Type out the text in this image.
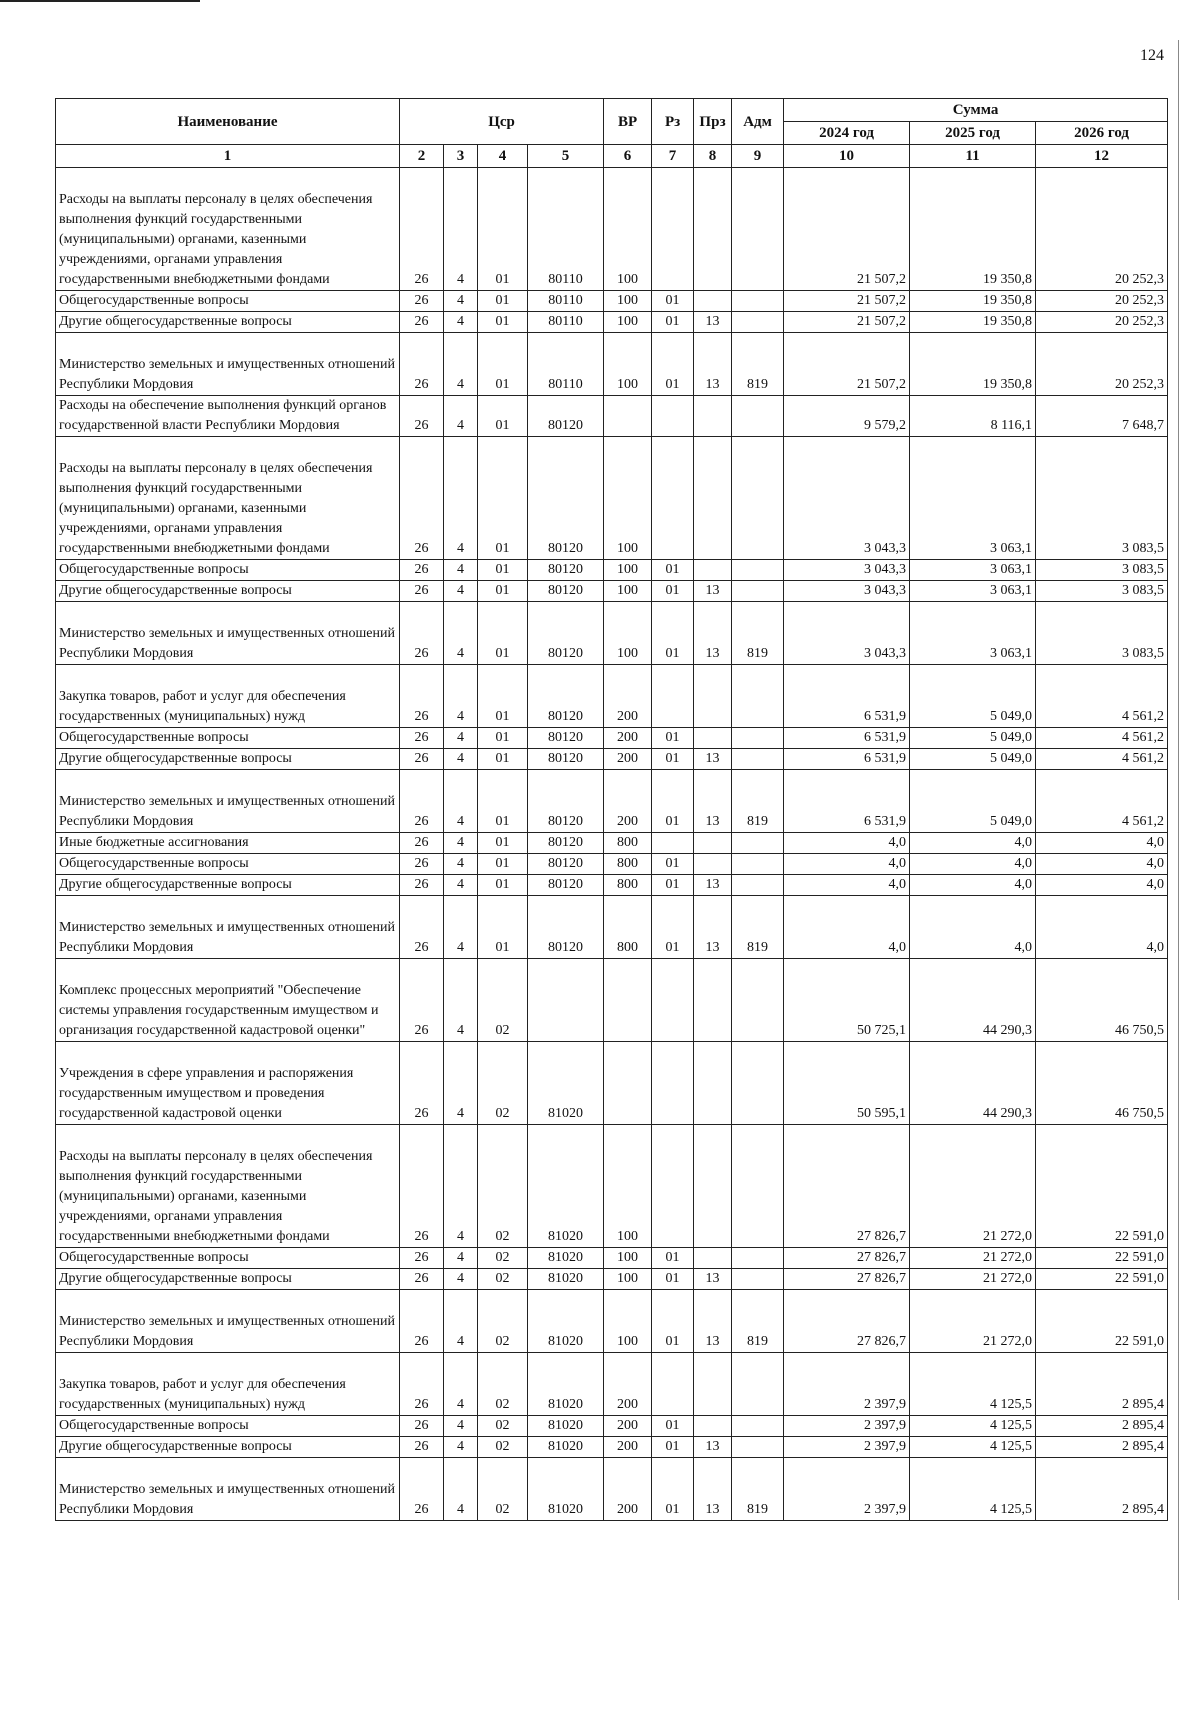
124
Наименование	Цср				ВР	Рз	Прз	Адм	Сумма		
									2024 год	2025 год	2026 год
1	2	3	4	5	6	7	8	9	10	11	12
Расходы на выплаты персоналу в целях обеспечения выполнения функций государственными (муниципальными) органами, казенными учреждениями, органами управления государственными внебюджетными фондами	26	4	01	80110	100				21 507,2	19 350,8	20 252,3
Общегосударственные вопросы	26	4	01	80110	100	01			21 507,2	19 350,8	20 252,3
Другие общегосударственные вопросы	26	4	01	80110	100	01	13		21 507,2	19 350,8	20 252,3
Министерство земельных и имущественных отношений Республики Мордовия	26	4	01	80110	100	01	13	819	21 507,2	19 350,8	20 252,3
Расходы на обеспечение выполнения функций органов государственной власти Республики Мордовия	26	4	01	80120					9 579,2	8 116,1	7 648,7
Расходы на выплаты персоналу в целях обеспечения выполнения функций государственными (муниципальными) органами, казенными учреждениями, органами управления государственными внебюджетными фондами	26	4	01	80120	100				3 043,3	3 063,1	3 083,5
Общегосударственные вопросы	26	4	01	80120	100	01			3 043,3	3 063,1	3 083,5
Другие общегосударственные вопросы	26	4	01	80120	100	01	13		3 043,3	3 063,1	3 083,5
Министерство земельных и имущественных отношений Республики Мордовия	26	4	01	80120	100	01	13	819	3 043,3	3 063,1	3 083,5
Закупка товаров, работ и услуг для обеспечения государственных (муниципальных) нужд	26	4	01	80120	200				6 531,9	5 049,0	4 561,2
Общегосударственные вопросы	26	4	01	80120	200	01			6 531,9	5 049,0	4 561,2
Другие общегосударственные вопросы	26	4	01	80120	200	01	13		6 531,9	5 049,0	4 561,2
Министерство земельных и имущественных отношений Республики Мордовия	26	4	01	80120	200	01	13	819	6 531,9	5 049,0	4 561,2
Иные бюджетные ассигнования	26	4	01	80120	800				4,0	4,0	4,0
Общегосударственные вопросы	26	4	01	80120	800	01			4,0	4,0	4,0
Другие общегосударственные вопросы	26	4	01	80120	800	01	13		4,0	4,0	4,0
Министерство земельных и имущественных отношений Республики Мордовия	26	4	01	80120	800	01	13	819	4,0	4,0	4,0
Комплекс процессных мероприятий "Обеспечение системы управления государственным имуществом и организация государственной кадастровой оценки"	26	4	02						50 725,1	44 290,3	46 750,5
Учреждения в сфере управления и распоряжения государственным имуществом и проведения государственной кадастровой оценки	26	4	02	81020					50 595,1	44 290,3	46 750,5
Расходы на выплаты персоналу в целях обеспечения выполнения функций государственными (муниципальными) органами, казенными учреждениями, органами управления государственными внебюджетными фондами	26	4	02	81020	100				27 826,7	21 272,0	22 591,0
Общегосударственные вопросы	26	4	02	81020	100	01			27 826,7	21 272,0	22 591,0
Другие общегосударственные вопросы	26	4	02	81020	100	01	13		27 826,7	21 272,0	22 591,0
Министерство земельных и имущественных отношений Республики Мордовия	26	4	02	81020	100	01	13	819	27 826,7	21 272,0	22 591,0
Закупка товаров, работ и услуг для обеспечения государственных (муниципальных) нужд	26	4	02	81020	200				2 397,9	4 125,5	2 895,4
Общегосударственные вопросы	26	4	02	81020	200	01			2 397,9	4 125,5	2 895,4
Другие общегосударственные вопросы	26	4	02	81020	200	01	13		2 397,9	4 125,5	2 895,4
Министерство земельных и имущественных отношений Республики Мордовия	26	4	02	81020	200	01	13	819	2 397,9	4 125,5	2 895,4
